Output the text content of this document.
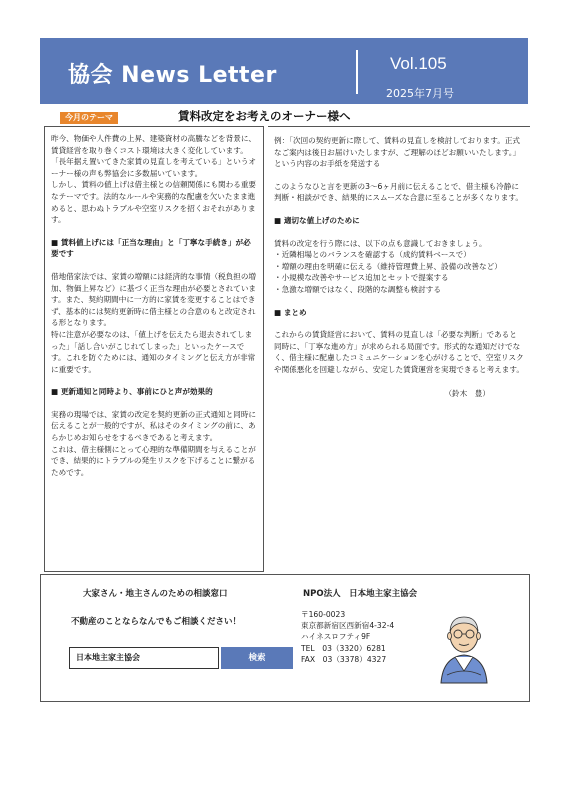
協会 News Letter	Vol.105
2025年7月号
今月のテーマ	賃料改定をお考えのオーナー様へ

昨今、物価や人件費の上昇、建築資材の高騰などを背景に、賃貸経営を取り巻くコスト環境は大きく変化しています。「長年据え置いてきた家賃の見直しを考えている」というオーナー様の声も弊協会に多数届いています。

しかし、賃料の値上げは借主様との信頼関係にも関わる重要なテーマです。法的なルールや実務的な配慮を欠いたまま進めると、思わぬトラブルや空室リスクを招くおそれがあります。

■ 賃料値上げには「正当な理由」と「丁寧な手続き」が必要です

借地借家法では、家賃の増額には経済的な事情（税負担の増加、物価上昇など）に基づく正当な理由が必要とされています。また、契約期間中に一方的に家賃を変更することはできず、基本的には契約更新時に借主様との合意のもと改定される形となります。

特に注意が必要なのは、「値上げを伝えたら退去されてしまった」「話し合いがこじれてしまった」といったケースです。これを防ぐためには、通知のタイミングと伝え方が非常に重要です。

■ 更新通知と同時より、事前にひと声が効果的

実務の現場では、家賃の改定を契約更新の正式通知と同時に伝えることが一般的ですが、私はそのタイミングの前に、あらかじめお知らせをするべきであると考えます。

これは、借主様側にとって心理的な準備期間を与えることができ、結果的にトラブルの発生リスクを下げることに繋がるためです。

例：「次回の契約更新に際して、賃料の見直しを検討しております。正式なご案内は後日お届けいたしますが、ご理解のほどお願いいたします。」という内容のお手紙を発送する

このようなひと言を更新の3～6ヶ月前に伝えることで、借主様も冷静に判断・相談ができ、結果的にスムーズな合意に至ることが多くなります。

■ 適切な値上げのために

賃料の改定を行う際には、以下の点も意識しておきましょう。

・近隣相場とのバランスを確認する（成約賃料ベースで）
・増額の理由を明確に伝える（維持管理費上昇、設備の改善など）
・小規模な改善やサービス追加とセットで提案する
・急激な増額ではなく、段階的な調整も検討する

■ まとめ

これからの賃貸経営において、賃料の見直しは「必要な判断」であると同時に、「丁寧な進め方」が求められる局面です。形式的な通知だけでなく、借主様に配慮したコミュニケーションを心がけることで、空室リスクや関係悪化を回避しながら、安定した賃貸運営を実現できると考えます。

（鈴木　豊）

大家さん・地主さんのための相談窓口
不動産のことならなんでもご相談ください！
日本地主家主協会	検索
NPO法人　日本地主家主協会
〒160-0023
東京都新宿区西新宿4-32-4
ハイネスロフティ9F
TEL　03（3320）6281
FAX　03（3378）4327
